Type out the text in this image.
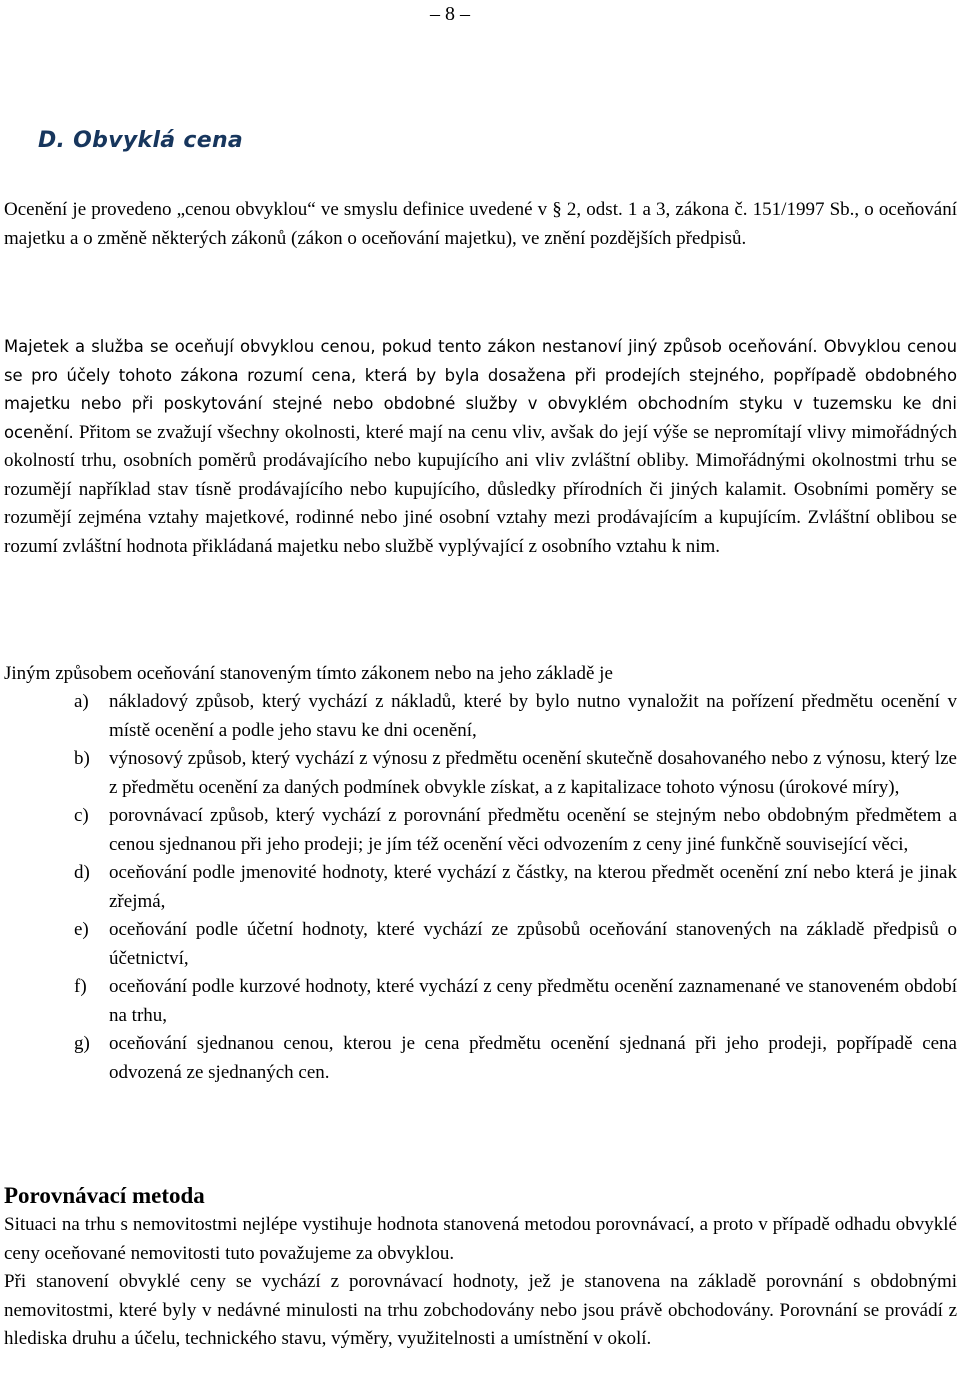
– 8 –
D. Obvyklá cena

Ocenění je provedeno „cenou obvyklou“ ve smyslu definice uvedené v § 2, odst. 1 a 3, zákona č. 151/1997 Sb., o oceňování majetku a o změně některých zákonů (zákon o oceňování majetku), ve znění pozdějších předpisů.

Majetek a služba se oceňují obvyklou cenou, pokud tento zákon nestanoví jiný způsob oceňování. Obvyklou cenou se pro účely tohoto zákona rozumí cena, která by byla dosažena při prodejích stejného, popřípadě obdobného majetku nebo při poskytování stejné nebo obdobné služby v obvyklém obchodním styku v tuzemsku ke dni ocenění. Přitom se zvažují všechny okolnosti, které mají na cenu vliv, avšak do její výše se nepromítají vlivy mimořádných okolností trhu, osobních poměrů prodávajícího nebo kupujícího ani vliv zvláštní obliby. Mimořádnými okolnostmi trhu se rozumějí například stav tísně prodávajícího nebo kupujícího, důsledky přírodních či jiných kalamit. Osobními poměry se rozumějí zejména vztahy majetkové, rodinné nebo jiné osobní vztahy mezi prodávajícím a kupujícím. Zvláštní oblibou se rozumí zvláštní hodnota přikládaná majetku nebo službě vyplývající z osobního vztahu k nim.

Jiným způsobem oceňování stanoveným tímto zákonem nebo na jeho základě je

a) nákladový způsob, který vychází z nákladů, které by bylo nutno vynaložit na pořízení předmětu ocenění v místě ocenění a podle jeho stavu ke dni ocenění,
b) výnosový způsob, který vychází z výnosu z předmětu ocenění skutečně dosahovaného nebo z výnosu, který lze z předmětu ocenění za daných podmínek obvykle získat, a z kapitalizace tohoto výnosu (úrokové míry),
c) porovnávací způsob, který vychází z porovnání předmětu ocenění se stejným nebo obdobným předmětem a cenou sjednanou při jeho prodeji; je jím též ocenění věci odvozením z ceny jiné funkčně související věci,
d) oceňování podle jmenovité hodnoty, které vychází z částky, na kterou předmět ocenění zní nebo která je jinak zřejmá,
e) oceňování podle účetní hodnoty, které vychází ze způsobů oceňování stanovených na základě předpisů o účetnictví,
f) oceňování podle kurzové hodnoty, které vychází z ceny předmětu ocenění zaznamenané ve stanoveném období na trhu,
g) oceňování sjednanou cenou, kterou je cena předmětu ocenění sjednaná při jeho prodeji, popřípadě cena odvozená ze sjednaných cen.
Porovnávací metoda

Situaci na trhu s nemovitostmi nejlépe vystihuje hodnota stanovená metodou porovnávací, a proto v případě odhadu obvyklé ceny oceňované nemovitosti tuto považujeme za obvyklou.

Při stanovení obvyklé ceny se vychází z porovnávací hodnoty, jež je stanovena na základě porovnání s obdobnými nemovitostmi, které byly v nedávné minulosti na trhu zobchodovány nebo jsou právě obchodovány. Porovnání se provádí z hlediska druhu a účelu, technického stavu, výměry, využitelnosti a umístnění v okolí.
